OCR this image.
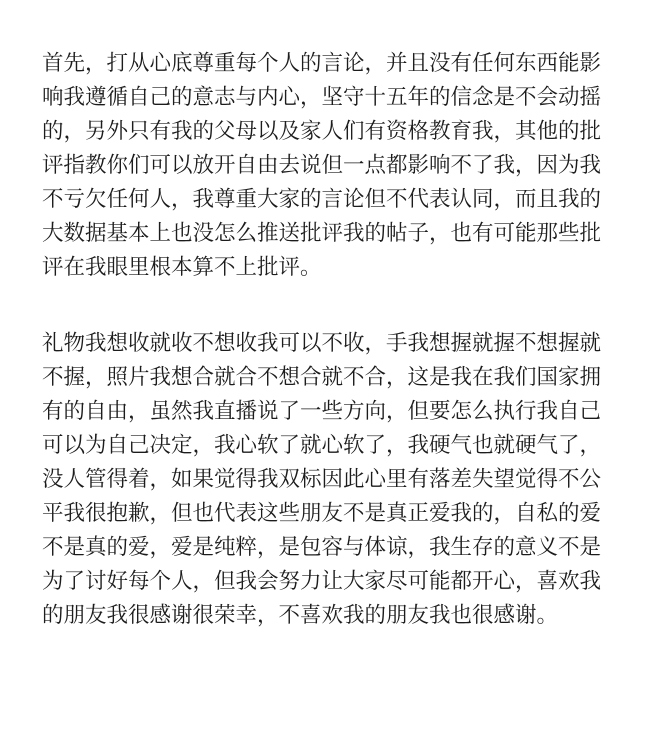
首先，打从心底尊重每个人的言论，并且没有任何东西能影响我遵循自己的意志与内心，坚守十五年的信念是不会动摇的，另外只有我的父母以及家人们有资格教育我，其他的批评指教你们可以放开自由去说但一点都影响不了我，因为我不亏欠任何人，我尊重大家的言论但不代表认同，而且我的大数据基本上也没怎么推送批评我的帖子，也有可能那些批评在我眼里根本算不上批评。

礼物我想收就收不想收我可以不收，手我想握就握不想握就不握，照片我想合就合不想合就不合，这是我在我们国家拥有的自由，虽然我直播说了一些方向，但要怎么执行我自己可以为自己决定，我心软了就心软了，我硬气也就硬气了，没人管得着，如果觉得我双标因此心里有落差失望觉得不公平我很抱歉，但也代表这些朋友不是真正爱我的，自私的爱不是真的爱，爱是纯粹，是包容与体谅，我生存的意义不是为了讨好每个人，但我会努力让大家尽可能都开心，喜欢我的朋友我很感谢很荣幸，不喜欢我的朋友我也很感谢。
